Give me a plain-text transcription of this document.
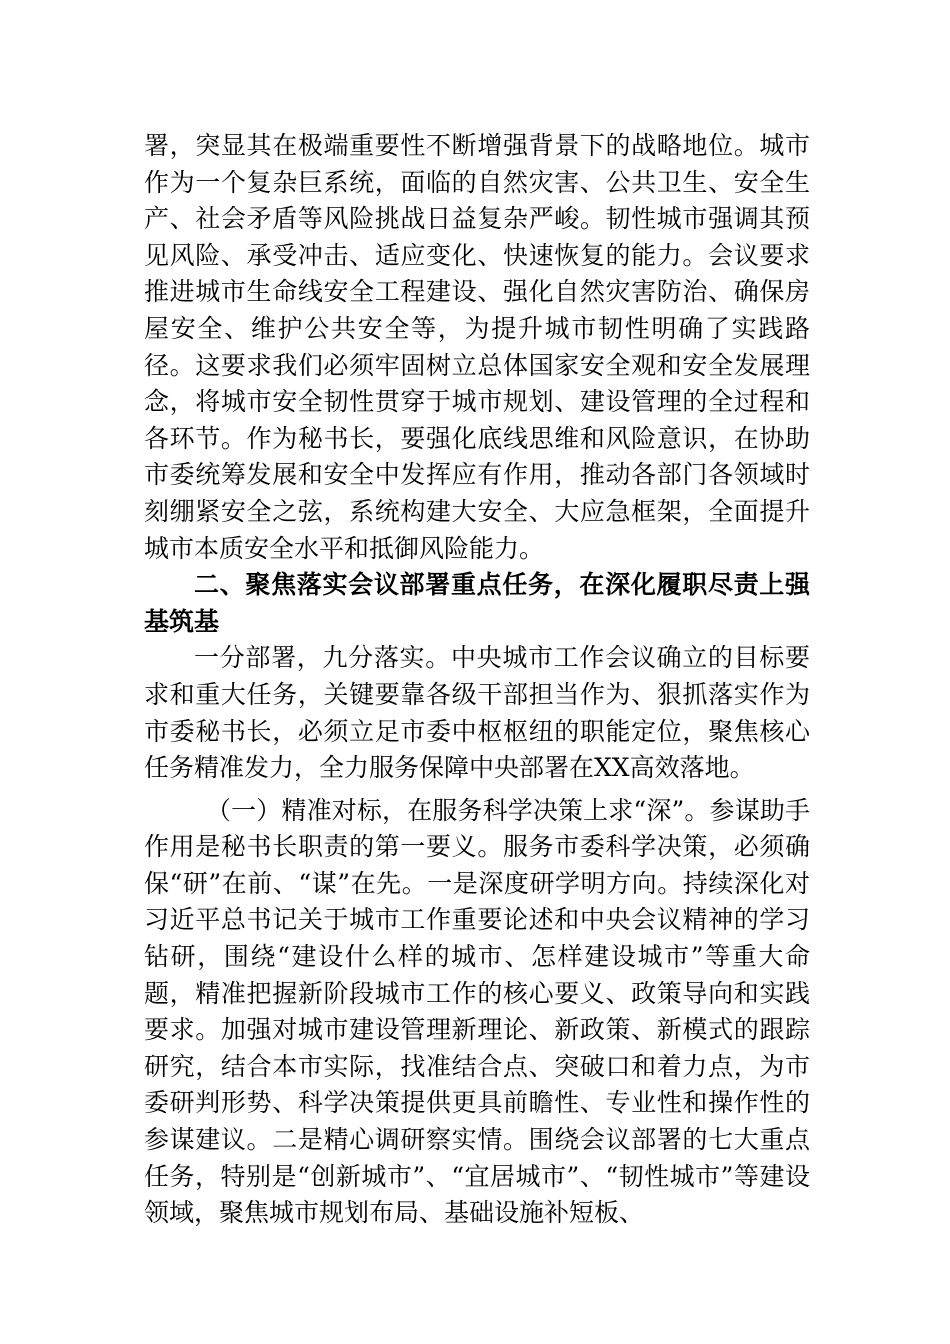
署，突显其在极端重要性不断增强背景下的战略地位。城市作为一个复杂巨系统，面临的自然灾害、公共卫生、安全生产、社会矛盾等风险挑战日益复杂严峻。韧性城市强调其预见风险、承受冲击、适应变化、快速恢复的能力。会议要求推进城市生命线安全工程建设、强化自然灾害防治、确保房屋安全、维护公共安全等，为提升城市韧性明确了实践路径。这要求我们必须牢固树立总体国家安全观和安全发展理念，将城市安全韧性贯穿于城市规划、建设管理的全过程和各环节。作为秘书长，要强化底线思维和风险意识，在协助市委统筹发展和安全中发挥应有作用，推动各部门各领域时刻绷紧安全之弦，系统构建大安全、大应急框架，全面提升城市本质安全水平和抵御风险能力。

二、聚焦落实会议部署重点任务，在深化履职尽责上强基筑基

一分部署，九分落实。中央城市工作会议确立的目标要求和重大任务，关键要靠各级干部担当作为、狠抓落实作为市委秘书长，必须立足市委中枢枢纽的职能定位，聚焦核心任务精准发力，全力服务保障中央部署在XX高效落地。

（一）精准对标，在服务科学决策上求“深”。参谋助手作用是秘书长职责的第一要义。服务市委科学决策，必须确保“研”在前、“谋”在先。一是深度研学明方向。持续深化对习近平总书记关于城市工作重要论述和中央会议精神的学习钻研，围绕“建设什么样的城市、怎样建设城市”等重大命题，精准把握新阶段城市工作的核心要义、政策导向和实践要求。加强对城市建设管理新理论、新政策、新模式的跟踪研究，结合本市实际，找准结合点、突破口和着力点，为市委研判形势、科学决策提供更具前瞻性、专业性和操作性的参谋建议。二是精心调研察实情。围绕会议部署的七大重点任务，特别是“创新城市”、“宜居城市”、“韧性城市”等建设领域，聚焦城市规划布局、基础设施补短板、
